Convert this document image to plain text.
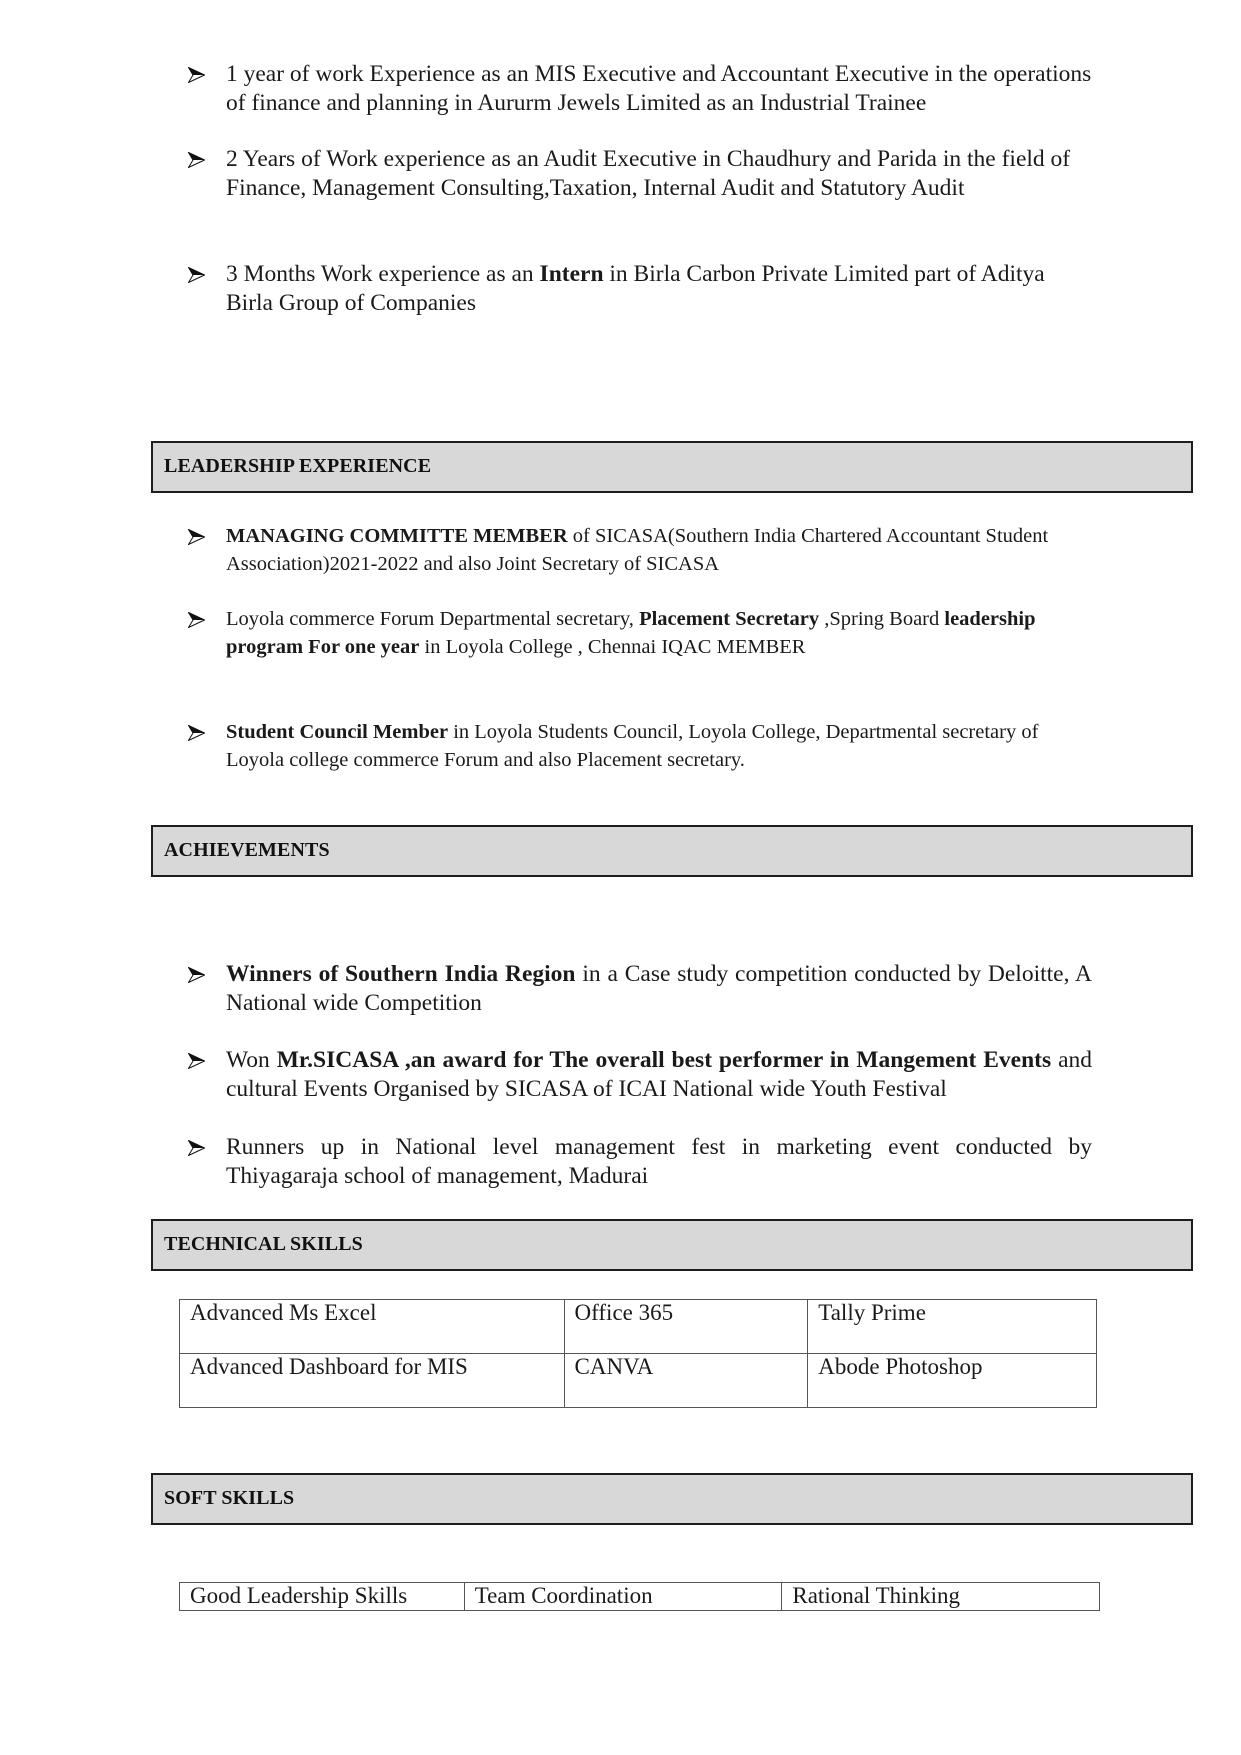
1 year of work Experience as an MIS Executive and Accountant Executive in the operations of finance and planning in Aururm Jewels Limited as an Industrial Trainee
2 Years of Work experience as an Audit Executive in Chaudhury and Parida in the field of Finance, Management Consulting,Taxation, Internal Audit and Statutory Audit
3 Months Work experience as an Intern in Birla Carbon Private Limited part of Aditya Birla Group of Companies
LEADERSHIP EXPERIENCE
MANAGING COMMITTE MEMBER of SICASA(Southern India Chartered Accountant Student Association)2021-2022 and also Joint Secretary of SICASA
Loyola commerce Forum Departmental secretary, Placement Secretary ,Spring Board leadership program For one year in Loyola College , Chennai IQAC MEMBER
Student Council Member in Loyola Students Council, Loyola College, Departmental secretary of Loyola college commerce Forum and also Placement secretary.
ACHIEVEMENTS
Winners of Southern India Region in a Case study competition conducted by Deloitte, A National wide Competition
Won Mr.SICASA ,an award for The overall best performer in Mangement Events and cultural Events Organised by SICASA of ICAI National wide Youth Festival
Runners up in National level management fest in marketing event conducted by Thiyagaraja school of management, Madurai
TECHNICAL SKILLS
Advanced Ms Excel	Office 365	Tally Prime
Advanced Dashboard for MIS	CANVA	Abode Photoshop
SOFT SKILLS
Good Leadership Skills	Team Coordination	Rational Thinking
